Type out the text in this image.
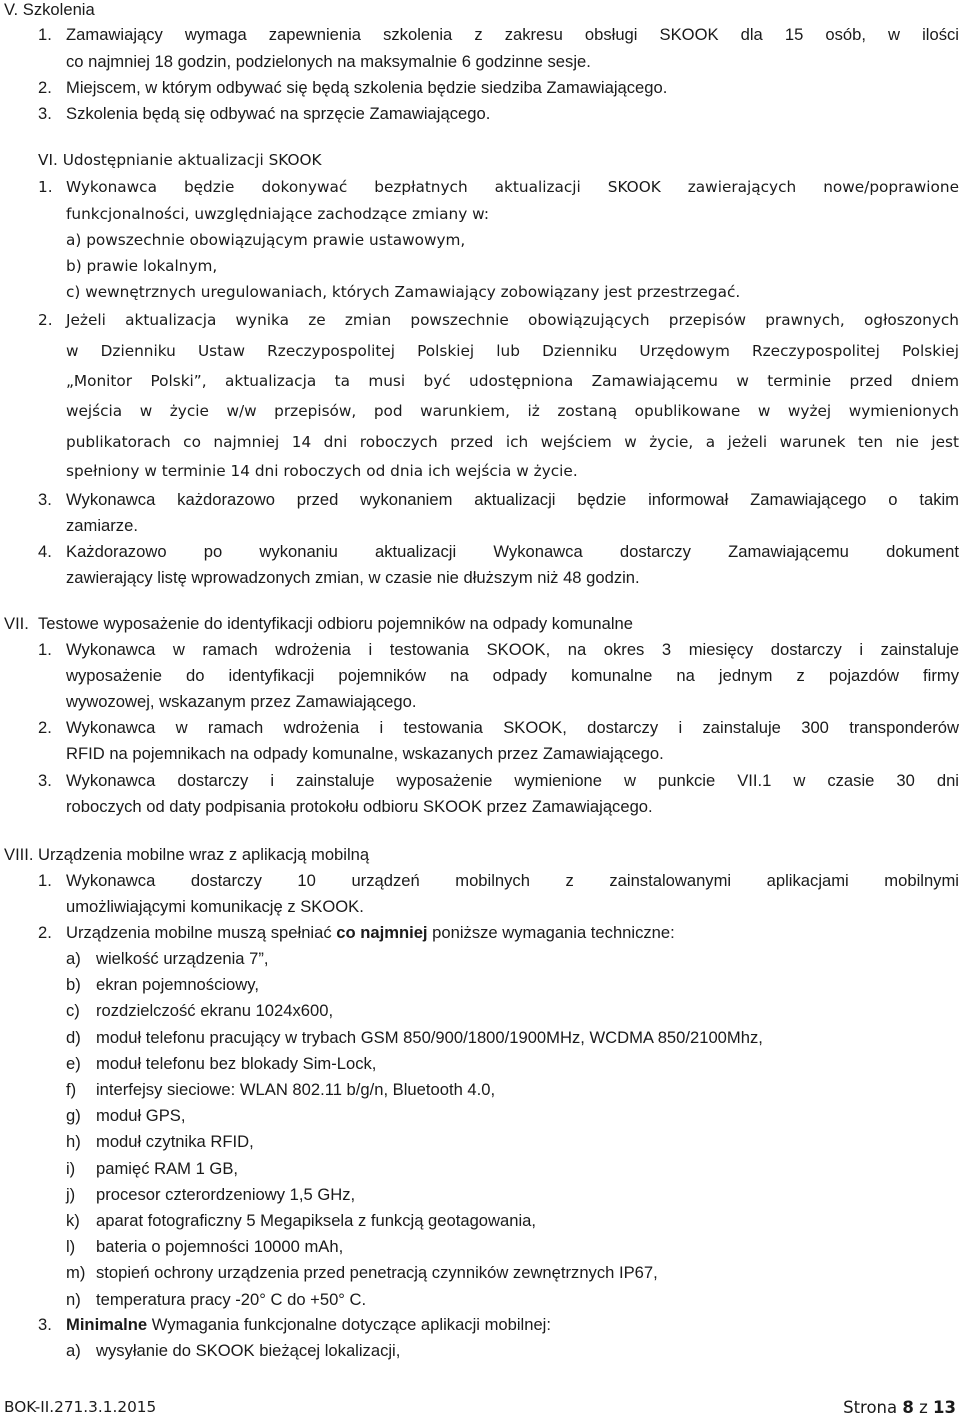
V. Szkolenia
1. Zamawiający wymaga zapewnienia szkolenia z zakresu obsługi SKOOK dla 15 osób, w ilości
co najmniej 18 godzin, podzielonych na maksymalnie 6 godzinne sesje.
2. Miejscem, w którym odbywać się będą szkolenia będzie siedziba Zamawiającego.
3. Szkolenia będą się odbywać na sprzęcie Zamawiającego.
VI. Udostępnianie aktualizacji SKOOK
1. Wykonawca będzie dokonywać bezpłatnych aktualizacji SKOOK zawierających nowe/poprawione
funkcjonalności, uwzględniające zachodzące zmiany w:
a) powszechnie obowiązującym prawie ustawowym,
b) prawie lokalnym,
c) wewnętrznych uregulowaniach, których Zamawiający zobowiązany jest przestrzegać.
2. Jeżeli aktualizacja wynika ze zmian powszechnie obowiązujących przepisów prawnych, ogłoszonych
w Dzienniku Ustaw Rzeczypospolitej Polskiej lub Dzienniku Urzędowym Rzeczypospolitej Polskiej
„Monitor Polski”, aktualizacja ta musi być udostępniona Zamawiającemu w terminie przed dniem
wejścia w życie w/w przepisów, pod warunkiem, iż zostaną opublikowane w wyżej wymienionych
publikatorach co najmniej 14 dni roboczych przed ich wejściem w życie, a jeżeli warunek ten nie jest
spełniony w terminie 14 dni roboczych od dnia ich wejścia w życie.
3. Wykonawca każdorazowo przed wykonaniem aktualizacji będzie informował Zamawiającego o takim
zamiarze.
4. Każdorazowo po wykonaniu aktualizacji Wykonawca dostarczy Zamawiającemu dokument
zawierający listę wprowadzonych zmian, w czasie nie dłuższym niż 48 godzin.
VII. Testowe wyposażenie do identyfikacji odbioru pojemników na odpady komunalne
1. Wykonawca w ramach wdrożenia i testowania SKOOK, na okres 3 miesięcy dostarczy i zainstaluje
wyposażenie do identyfikacji pojemników na odpady komunalne na jednym z pojazdów firmy
wywozowej, wskazanym przez Zamawiającego.
2. Wykonawca w ramach wdrożenia i testowania SKOOK, dostarczy i zainstaluje 300 transponderów
RFID na pojemnikach na odpady komunalne, wskazanych przez Zamawiającego.
3. Wykonawca dostarczy i zainstaluje wyposażenie wymienione w punkcie VII.1 w czasie 30 dni
roboczych od daty podpisania protokołu odbioru SKOOK przez Zamawiającego.
VIII. Urządzenia mobilne wraz z aplikacją mobilną
1. Wykonawca dostarczy 10 urządzeń mobilnych z zainstalowanymi aplikacjami mobilnymi
umożliwiającymi komunikację z SKOOK.
2. Urządzenia mobilne muszą spełniać co najmniej poniższe wymagania techniczne:
a) wielkość urządzenia 7”,
b) ekran pojemnościowy,
c) rozdzielczość ekranu 1024x600,
d) moduł telefonu pracujący w trybach GSM 850/900/1800/1900MHz, WCDMA 850/2100Mhz,
e) moduł telefonu bez blokady Sim-Lock,
f) interfejsy sieciowe: WLAN 802.11 b/g/n, Bluetooth 4.0,
g) moduł GPS,
h) moduł czytnika RFID,
i) pamięć RAM 1 GB,
j) procesor czterordzeniowy 1,5 GHz,
k) aparat fotograficzny 5 Megapiksela z funkcją geotagowania,
l) bateria o pojemności 10000 mAh,
m) stopień ochrony urządzenia przed penetracją czynników zewnętrznych IP67,
n) temperatura pracy -20° C do +50° C.
3. Minimalne Wymagania funkcjonalne dotyczące aplikacji mobilnej:
a) wysyłanie do SKOOK bieżącej lokalizacji,
BOK-II.271.3.1.2015	Strona 8 z 13
